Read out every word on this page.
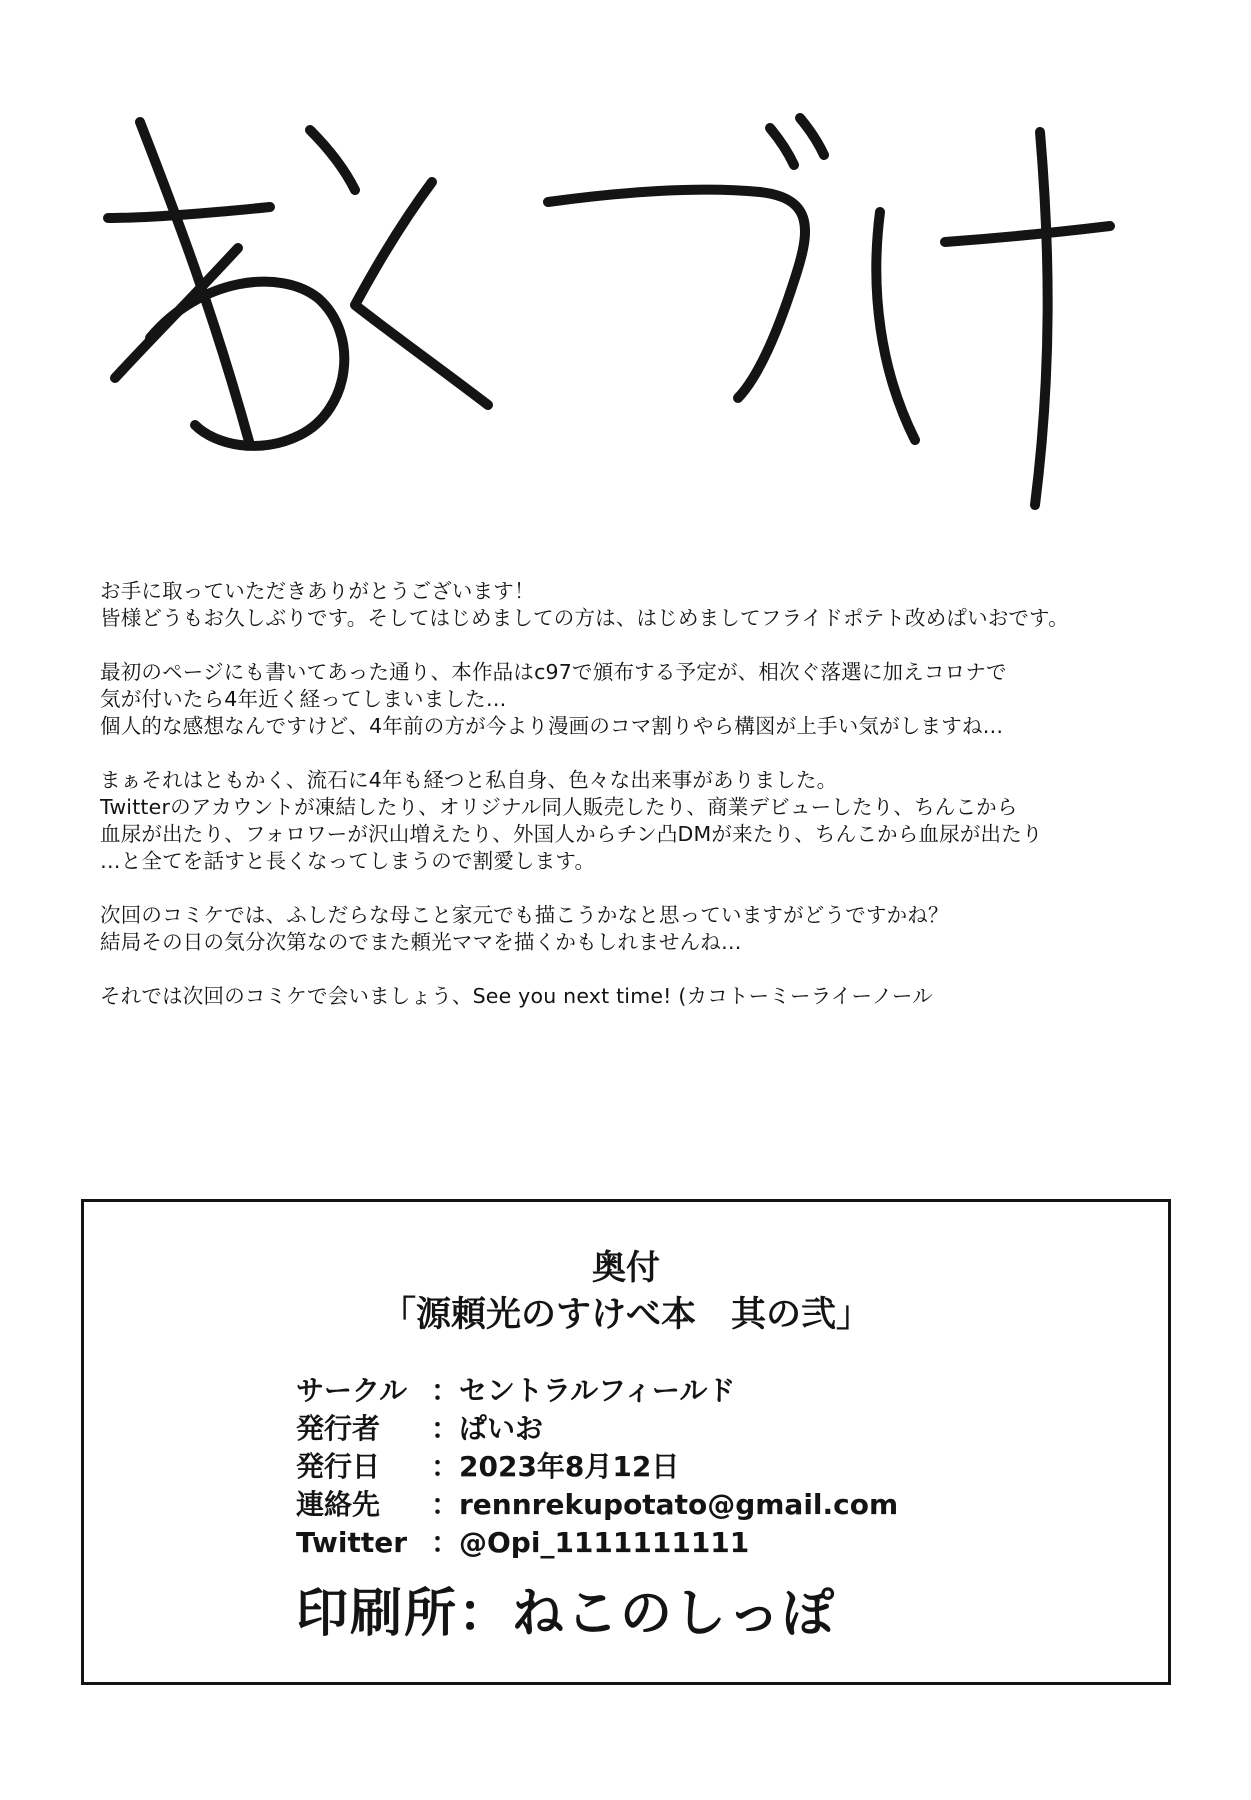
お手に取っていただきありがとうございます！
皆様どうもお久しぶりです。そしてはじめましての方は、はじめましてフライドポテト改めぱいおです。
最初のページにも書いてあった通り、本作品はc97で頒布する予定が、相次ぐ落選に加えコロナで
気が付いたら4年近く経ってしまいました…
個人的な感想なんですけど、4年前の方が今より漫画のコマ割りやら構図が上手い気がしますね…
まぁそれはともかく、流石に4年も経つと私自身、色々な出来事がありました。
Twitterのアカウントが凍結したり、オリジナル同人販売したり、商業デビューしたり、ちんこから
血尿が出たり、フォロワーが沢山増えたり、外国人からチン凸DMが来たり、ちんこから血尿が出たり
…と全てを話すと長くなってしまうので割愛します。
次回のコミケでは、ふしだらな母こと家元でも描こうかなと思っていますがどうですかね？
結局その日の気分次第なのでまた頼光ママを描くかもしれませんね…
それでは次回のコミケで会いましょう、See you next time! (カコトーミーライーノール
奥付
「源頼光のすけべ本　其の弐」
サークル ：セントラルフィールド
発行者	：ぱいお
発行日	：2023年8月12日
連絡先	：rennrekupotato@gmail.com
Twitter ：@Opi_1111111111
印刷所：ねこのしっぽ
